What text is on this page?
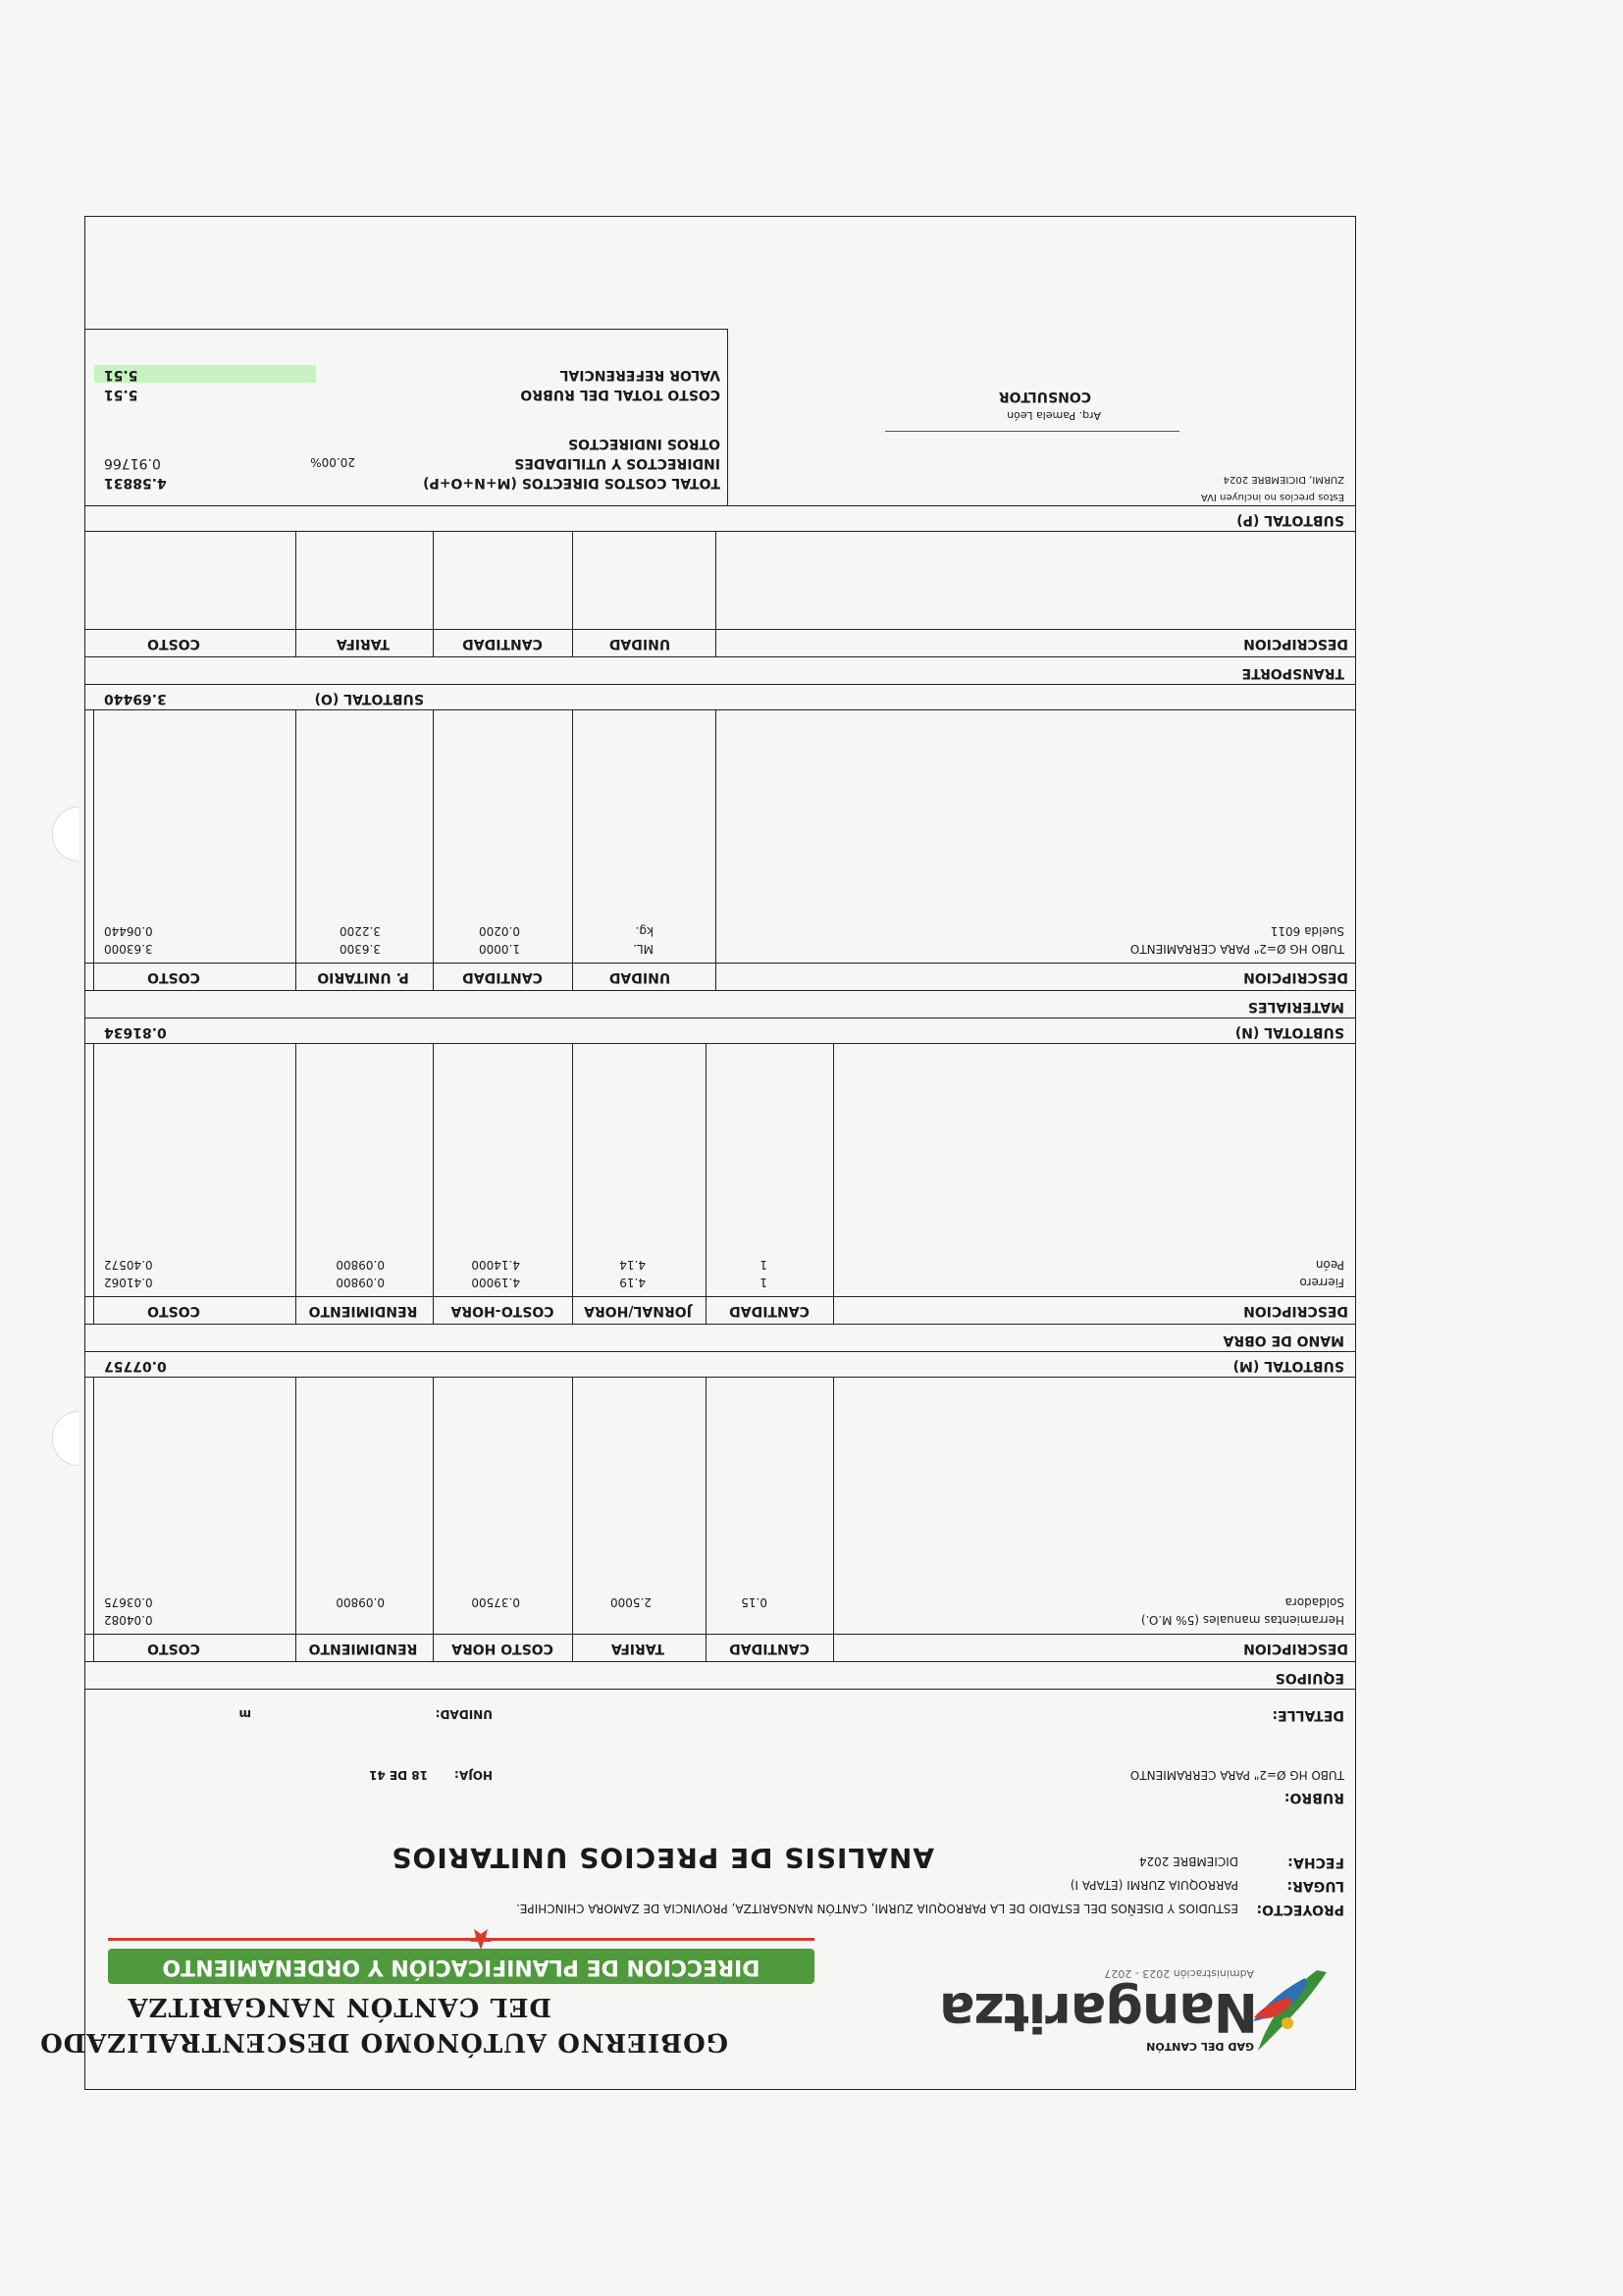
Nangaritza
GAD DEL CANTÓN
Administración 2023 - 2027
GOBIERNO AUTÓNOMO DESCENTRALIZADO
DEL CANTÓN NANGARITZA
DIRECCION DE PLANIFICACIÓN Y ORDENAMIENTO
PROYECTO:
ESTUDIOS Y DISEÑOS DEL ESTADIO DE LA PARROQUIA ZURMI, CANTÓN NANGARITZA, PROVINCIA DE ZAMORA CHINCHIPE.
LUGAR:
PARROQUIA ZURMI (ETAPA I)
FECHA:
DICIEMBRE 2024
ANALISIS DE PRECIOS UNITARIOS
RUBRO:
TUBO HG Ø=2" PARA CERRAMIENTO
HOJA:
18 DE 41
DETALLE:
UNIDAD:
m
EQUIPOS
DESCRIPCION
CANTIDAD
TARIFA
COSTO HORA
RENDIMIENTO
COSTO
Herramientas manuales (5% M.O.)
0.04082
Soldadora
0.15
2.5000
0.37500
0.09800
0.03675
SUBTOTAL (M)
0.07757
MANO DE OBRA
DESCRIPCION
CANTIDAD
JORNAL/HORA
COSTO-HORA
RENDIMIENTO
COSTO
Fierrero
1
4.19
4.19000
0.09800
0.41062
Peón
1
4.14
4.14000
0.09800
0.40572
SUBTOTAL (N)
0.81634
MATERIALES
DESCRIPCION
UNIDAD
CANTIDAD
P. UNITARIO
COSTO
TUBO HG Ø=2" PARA CERRAMIENTO
ML.
1.0000
3.6300
3.63000
Suelda 6011
kg.
0.0200
3.2200
0.06440
SUBTOTAL (O)
3.69440
TRANSPORTE
DESCRIPCION
UNIDAD
CANTIDAD
TARIFA
COSTO
SUBTOTAL (P)
Estos precios no incluyen IVA
ZURMI, DICIEMBRE 2024
TOTAL COSTOS DIRECTOS (M+N+O+P)
4.58831
INDIRECTOS Y UTILIDADES
20.00%
0.91766
OTROS INDIRECTOS
COSTO TOTAL DEL RUBRO
5.51
VALOR REFERENCIAL
5.51
Arq. Pamela León
CONSULTOR
